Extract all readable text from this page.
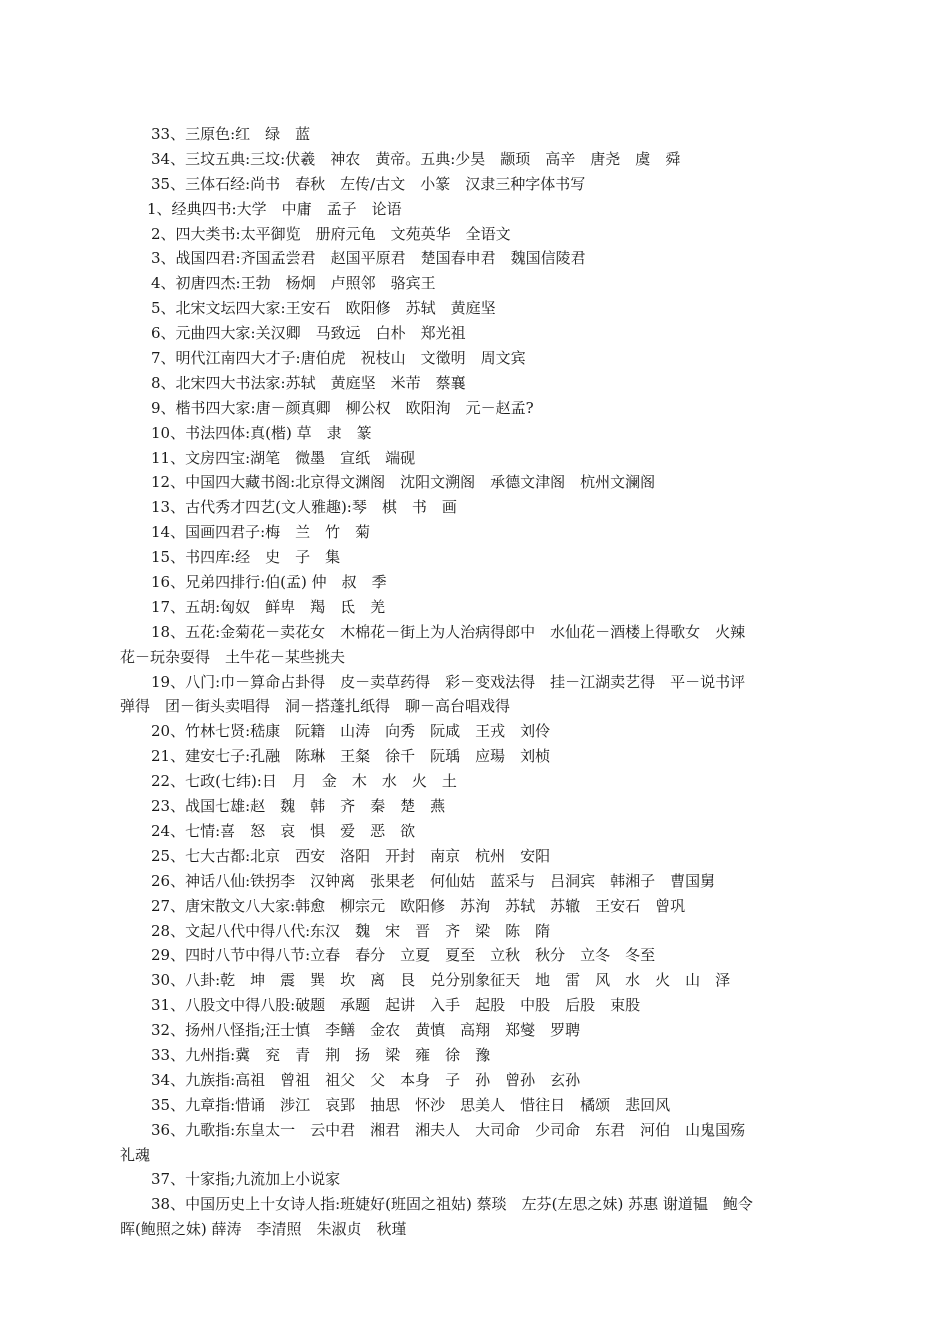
33、三原色:红　绿　蓝
34、三坟五典:三坟:伏羲　神农　黄帝。五典:少昊　颛顼　高辛　唐尧　虞　舜
35、三体石经:尚书　春秋　左传/古文　小篆　汉隶三种字体书写
1、经典四书:大学　中庸　孟子　论语
2、四大类书:太平御览　册府元龟　文苑英华　全语文
3、战国四君:齐国孟尝君　赵国平原君　楚国春申君　魏国信陵君
4、初唐四杰:王勃　杨炯　卢照邻　骆宾王
5、北宋文坛四大家:王安石　欧阳修　苏轼　黄庭坚
6、元曲四大家:关汉卿　马致远　白朴　郑光祖
7、明代江南四大才子:唐伯虎　祝枝山　文徵明　周文宾
8、北宋四大书法家:苏轼　黄庭坚　米芾　蔡襄
9、楷书四大家:唐－颜真卿　柳公权　欧阳洵　元－赵孟?
10、书法四体:真(楷) 草　隶　篆
11、文房四宝:湖笔　微墨　宣纸　端砚
12、中国四大藏书阁:北京得文渊阁　沈阳文溯阁　承德文津阁　杭州文澜阁
13、古代秀才四艺(文人雅趣):琴　棋　书　画
14、国画四君子:梅　兰　竹　菊
15、书四库:经　史　子　集
16、兄弟四排行:伯(孟) 仲　叔　季
17、五胡:匈奴　鲜卑　羯　氐　羌
18、五花:金菊花－卖花女　木棉花－街上为人治病得郎中　水仙花－酒楼上得歌女　火辣
花－玩杂耍得　土牛花－某些挑夫
19、八门:巾－算命占卦得　皮－卖草药得　彩－变戏法得　挂－江湖卖艺得　平－说书评
弹得　团－街头卖唱得　洞－搭蓬扎纸得　聊－高台唱戏得
20、竹林七贤:嵇康　阮籍　山涛　向秀　阮咸　王戎　刘伶
21、建安七子:孔融　陈琳　王粲　徐千　阮瑀　应瑒　刘桢
22、七政(七纬):日　月　金　木　水　火　土
23、战国七雄:赵　魏　韩　齐　秦　楚　燕
24、七情:喜　怒　哀　惧　爱　恶　欲
25、七大古都:北京　西安　洛阳　开封　南京　杭州　安阳
26、神话八仙:铁拐李　汉钟离　张果老　何仙姑　蓝采与　吕洞宾　韩湘子　曹国舅
27、唐宋散文八大家:韩愈　柳宗元　欧阳修　苏洵　苏轼　苏辙　王安石　曾巩
28、文起八代中得八代:东汉　魏　宋　晋　齐　梁　陈　隋
29、四时八节中得八节:立春　春分　立夏　夏至　立秋　秋分　立冬　冬至
30、八卦:乾　坤　震　巽　坎　离　艮　兑分别象征天　地　雷　风　水　火　山　泽
31、八股文中得八股:破题　承题　起讲　入手　起股　中股　后股　束股
32、扬州八怪指;汪士慎　李鳝　金农　黄慎　高翔　郑燮　罗聘
33、九州指:冀　兖　青　荆　扬　梁　雍　徐　豫
34、九族指:高祖　曾祖　祖父　父　本身　子　孙　曾孙　玄孙
35、九章指:惜诵　涉江　哀郢　抽思　怀沙　思美人　惜往日　橘颂　悲回风
36、九歌指:东皇太一　云中君　湘君　湘夫人　大司命　少司命　东君　河伯　山鬼国殇
礼魂
37、十家指;九流加上小说家
38、中国历史上十女诗人指:班婕好(班固之祖姑) 蔡琰　左芬(左思之妹) 苏惠 谢道韫　鲍令
晖(鲍照之妹) 薛涛　李清照　朱淑贞　秋瑾
